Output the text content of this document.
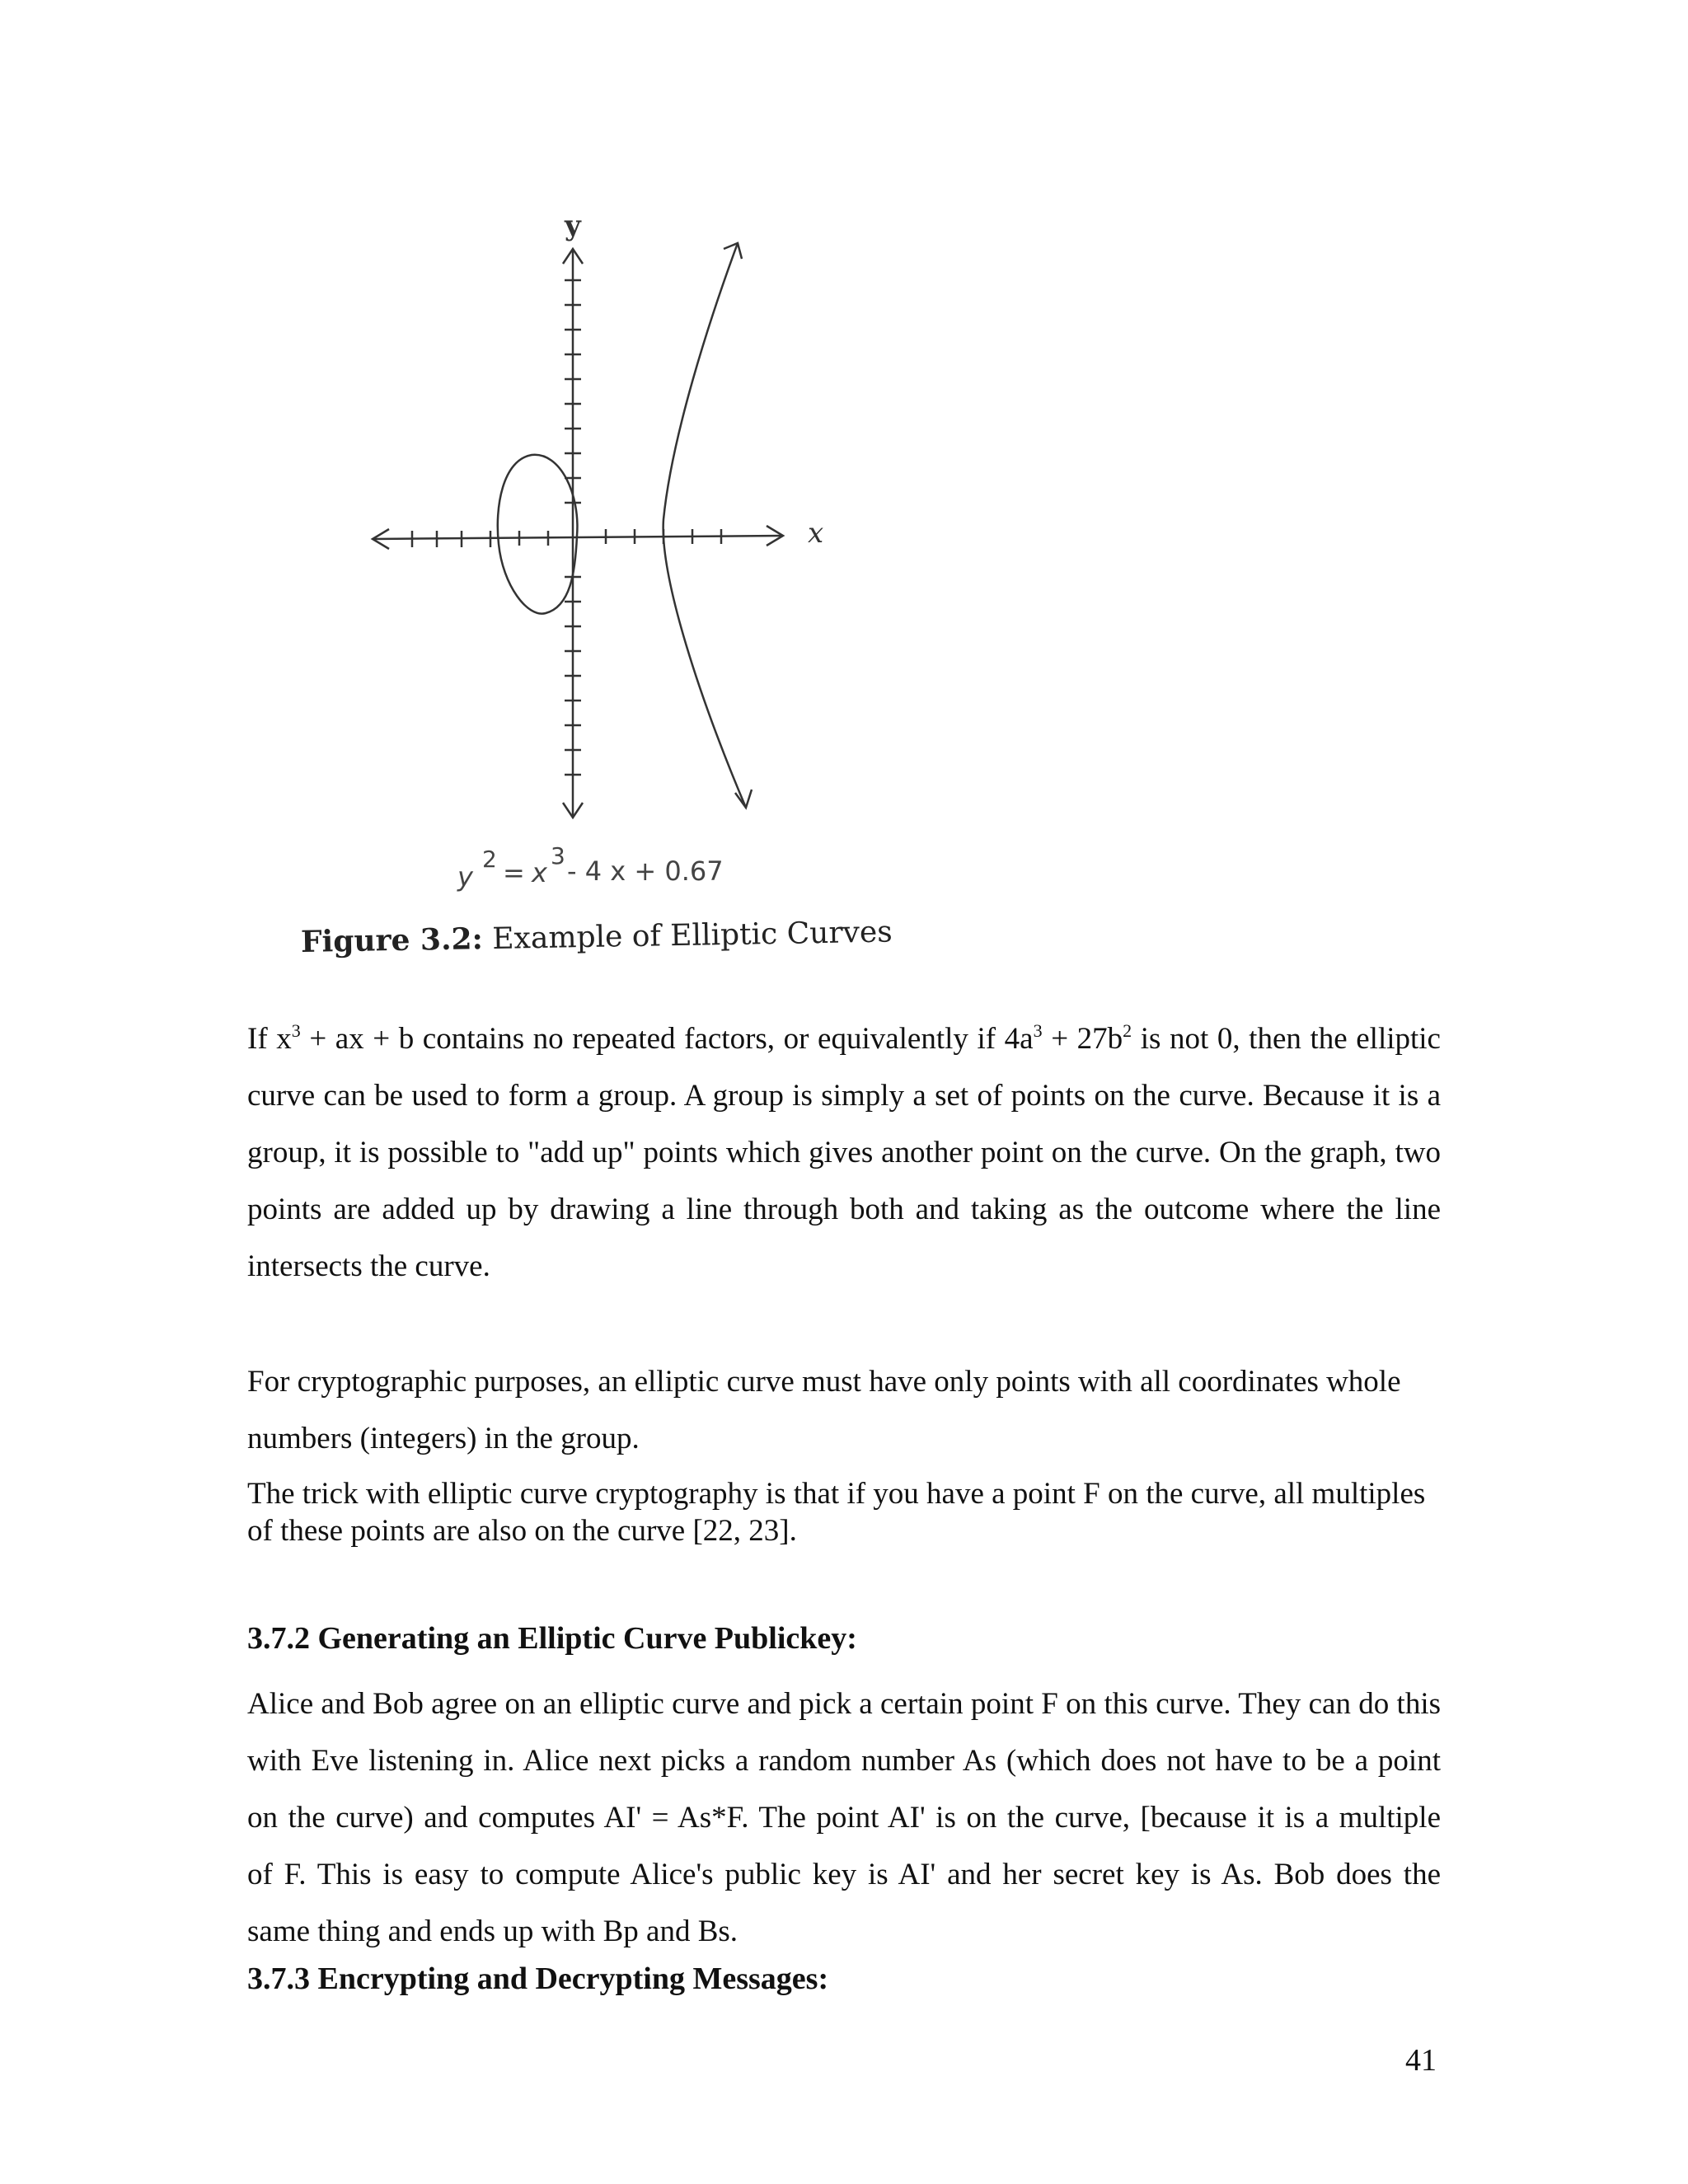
y
x
y
2 = x
3 - 4 x + 0.67
Figure 3.2: Example of Elliptic Curves
If $x^3$ + ax + b contains no repeated factors, or equivalently if $4a^3 + 27b^2$ is not 0, then the elliptic
curve can be used to form a group. A group is simply a set of points on the curve. Because it is a
group, it is possible to "add up" points which gives another point on the curve. On the graph, two
points are added up by drawing a line through both and taking as the outcome where the line
intersects the curve.
For cryptographic purposes, an elliptic curve must have only points with all coordinates whole
numbers (integers) in the group.
The trick with elliptic curve cryptography is that if you have a point F on the curve, all multiples
of these points are also on the curve [22, 23].
3.7.2 Generating an Elliptic Curve Publickey:
Alice and Bob agree on an elliptic curve and pick a certain point F on this curve. They can do this
with Eve listening in. Alice next picks a random number As (which does not have to be a point
on the curve) and computes AI' = As*F. The point AI' is on the curve, [because it is a multiple
of F. This is easy to compute Alice's public key is AI' and her secret key is As. Bob does the
same thing and ends up with Bp and Bs.
3.7.3 Encrypting and Decrypting Messages:
41
